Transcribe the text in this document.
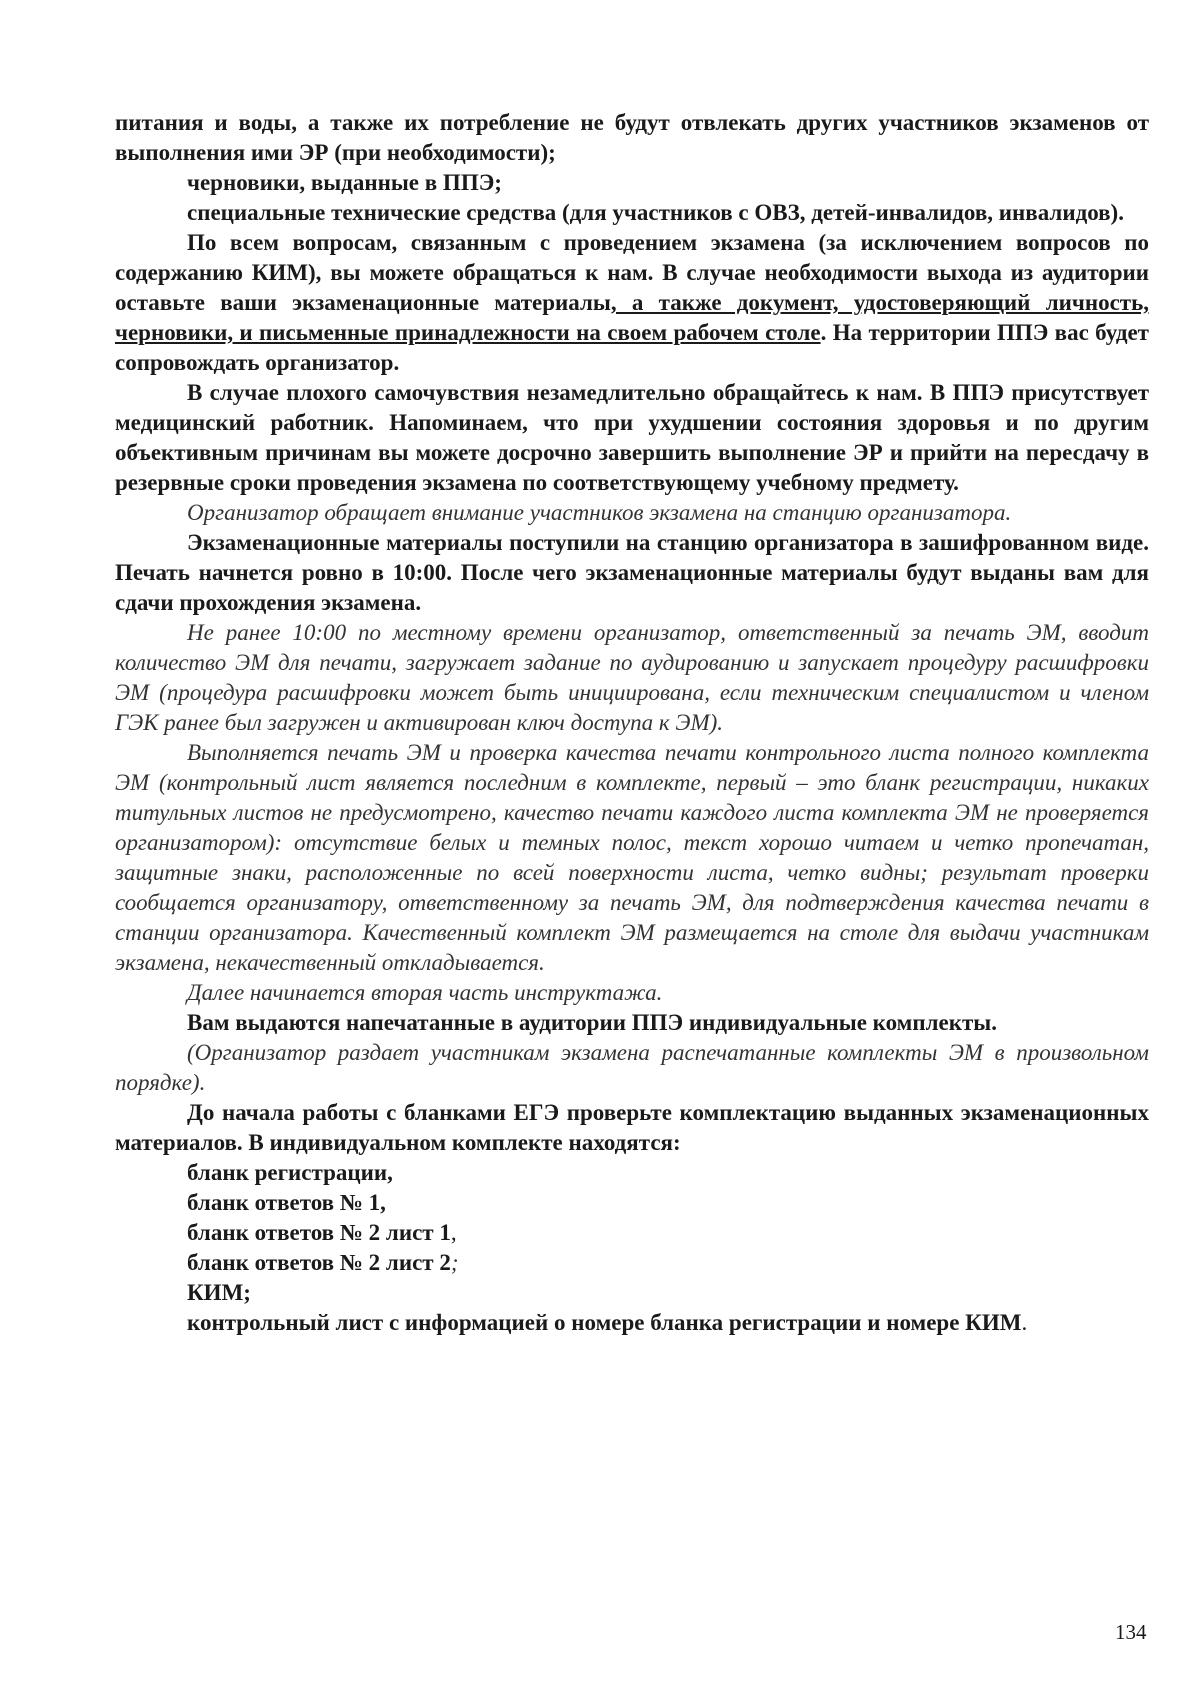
питания и воды, а также их потребление не будут отвлекать других участников экзаменов от выполнения ими ЭР (при необходимости);

черновики, выданные в ППЭ;

специальные технические средства (для участников с ОВЗ, детей-инвалидов, инвалидов).

По всем вопросам, связанным с проведением экзамена (за исключением вопросов по содержанию КИМ), вы можете обращаться к нам. В случае необходимости выхода из аудитории оставьте ваши экзаменационные материалы, а также документ, удостоверяющий личность, черновики, и письменные принадлежности на своем рабочем столе. На территории ППЭ вас будет сопровождать организатор.

В случае плохого самочувствия незамедлительно обращайтесь к нам. В ППЭ присутствует медицинский работник. Напоминаем, что при ухудшении состояния здоровья и по другим объективным причинам вы можете досрочно завершить выполнение ЭР и прийти на пересдачу в резервные сроки проведения экзамена по соответствующему учебному предмету.

Организатор обращает внимание участников экзамена на станцию организатора.

Экзаменационные материалы поступили на станцию организатора в зашифрованном виде. Печать начнется ровно в 10:00. После чего экзаменационные материалы будут выданы вам для сдачи прохождения экзамена.

Не ранее 10:00 по местному времени организатор, ответственный за печать ЭМ, вводит количество ЭМ для печати, загружает задание по аудированию и запускает процедуру расшифровки ЭМ (процедура расшифровки может быть инициирована, если техническим специалистом и членом ГЭК ранее был загружен и активирован ключ доступа к ЭМ).

Выполняется печать ЭМ и проверка качества печати контрольного листа полного комплекта ЭМ (контрольный лист является последним в комплекте, первый – это бланк регистрации, никаких титульных листов не предусмотрено, качество печати каждого листа комплекта ЭМ не проверяется организатором): отсутствие белых и темных полос, текст хорошо читаем и четко пропечатан, защитные знаки, расположенные по всей поверхности листа, четко видны; результат проверки сообщается организатору, ответственному за печать ЭМ, для подтверждения качества печати в станции организатора. Качественный комплект ЭМ размещается на столе для выдачи участникам экзамена, некачественный откладывается.

Далее начинается вторая часть инструктажа.

Вам выдаются напечатанные в аудитории ППЭ индивидуальные комплекты.

(Организатор раздает участникам экзамена распечатанные комплекты ЭМ в произвольном порядке).

До начала работы с бланками ЕГЭ проверьте комплектацию выданных экзаменационных материалов. В индивидуальном комплекте находятся:

бланк регистрации,

бланк ответов № 1,

бланк ответов № 2 лист 1,

бланк ответов № 2 лист 2;

КИМ;

контрольный лист с информацией о номере бланка регистрации и номере КИМ.

134
